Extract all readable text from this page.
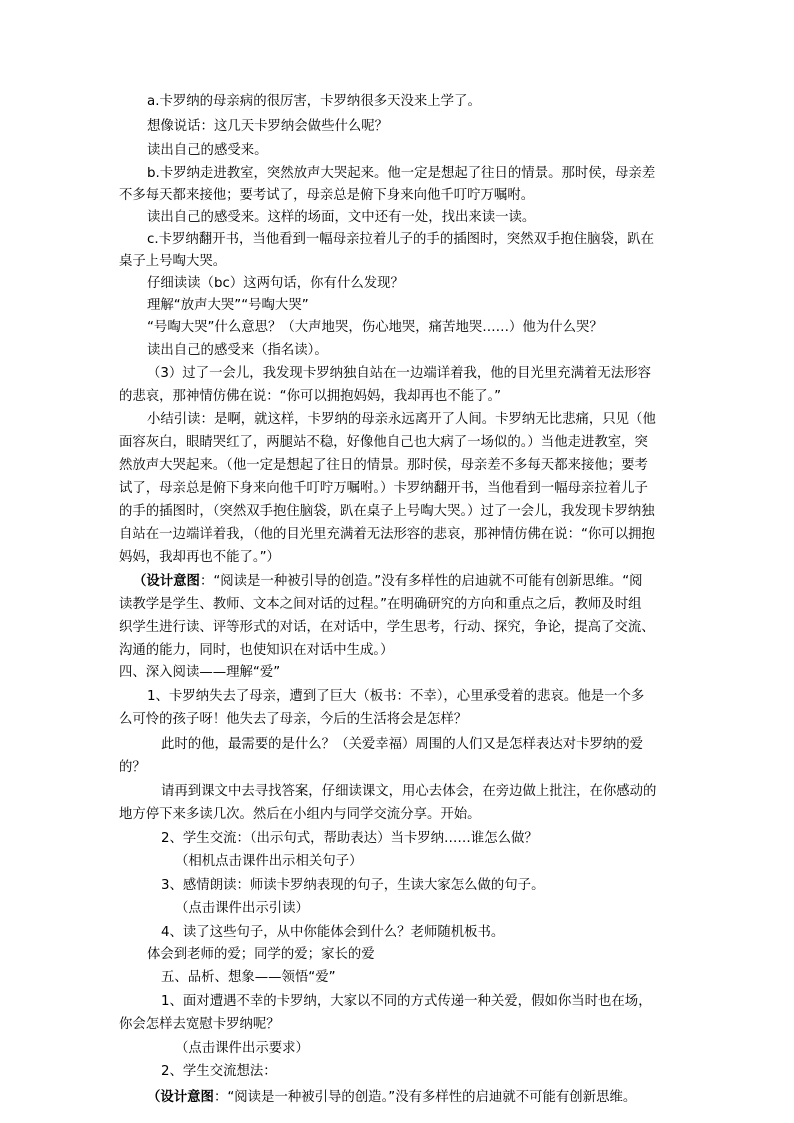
a.卡罗纳的母亲病的很厉害，卡罗纳很多天没来上学了。
想像说话：这几天卡罗纳会做些什么呢？
读出自己的感受来。
b.卡罗纳走进教室，突然放声大哭起来。他一定是想起了往日的情景。那时侯，母亲差
不多每天都来接他；要考试了，母亲总是俯下身来向他千叮咛万嘱咐。
读出自己的感受来。这样的场面，文中还有一处，找出来读一读。
c.卡罗纳翻开书，当他看到一幅母亲拉着儿子的手的插图时，突然双手抱住脑袋，趴在
桌子上号啕大哭。
仔细读读（bc）这两句话，你有什么发现？
理解“放声大哭”“号啕大哭”
“号啕大哭”什么意思？（大声地哭，伤心地哭，痛苦地哭……）他为什么哭？
读出自己的感受来（指名读）。
（3）过了一会儿，我发现卡罗纳独自站在一边端详着我，他的目光里充满着无法形容
的悲哀，那神情仿佛在说：“你可以拥抱妈妈，我却再也不能了。”
小结引读：是啊，就这样，卡罗纳的母亲永远离开了人间。卡罗纳无比悲痛，只见（他
面容灰白，眼睛哭红了，两腿站不稳，好像他自己也大病了一场似的。）当他走进教室，突
然放声大哭起来。（他一定是想起了往日的情景。那时侯，母亲差不多每天都来接他；要考
试了，母亲总是俯下身来向他千叮咛万嘱咐。）卡罗纳翻开书，当他看到一幅母亲拉着儿子
的手的插图时，（突然双手抱住脑袋，趴在桌子上号啕大哭。）过了一会儿，我发现卡罗纳独
自站在一边端详着我，（他的目光里充满着无法形容的悲哀，那神情仿佛在说：“你可以拥抱
妈妈，我却再也不能了。”）
（设计意图：“阅读是一种被引导的创造。”没有多样性的启迪就不可能有创新思维。“阅
读教学是学生、教师、文本之间对话的过程。”在明确研究的方向和重点之后，教师及时组
织学生进行读、评等形式的对话，在对话中，学生思考，行动、探究，争论，提高了交流、
沟通的能力，同时，也使知识在对话中生成。）
四、深入阅读——理解“爱”
1、卡罗纳失去了母亲，遭到了巨大（板书：不幸），心里承受着的悲哀。他是一个多
么可怜的孩子呀！他失去了母亲，今后的生活将会是怎样？
此时的他，最需要的是什么？（关爱幸福）周围的人们又是怎样表达对卡罗纳的爱
的？
请再到课文中去寻找答案，仔细读课文，用心去体会，在旁边做上批注，在你感动的
地方停下来多读几次。然后在小组内与同学交流分享。开始。
2、学生交流：（出示句式，帮助表达）当卡罗纳……谁怎么做？
（相机点击课件出示相关句子）
3、感情朗读：师读卡罗纳表现的句子，生读大家怎么做的句子。
（点击课件出示引读）
4、读了这些句子，从中你能体会到什么？老师随机板书。
体会到老师的爱；同学的爱；家长的爱
五、品析、想象——领悟“爱”
1、面对遭遇不幸的卡罗纳，大家以不同的方式传递一种关爱，假如你当时也在场，
你会怎样去宽慰卡罗纳呢？
（点击课件出示要求）
2、学生交流想法：
（设计意图：“阅读是一种被引导的创造。”没有多样性的启迪就不可能有创新思维。
